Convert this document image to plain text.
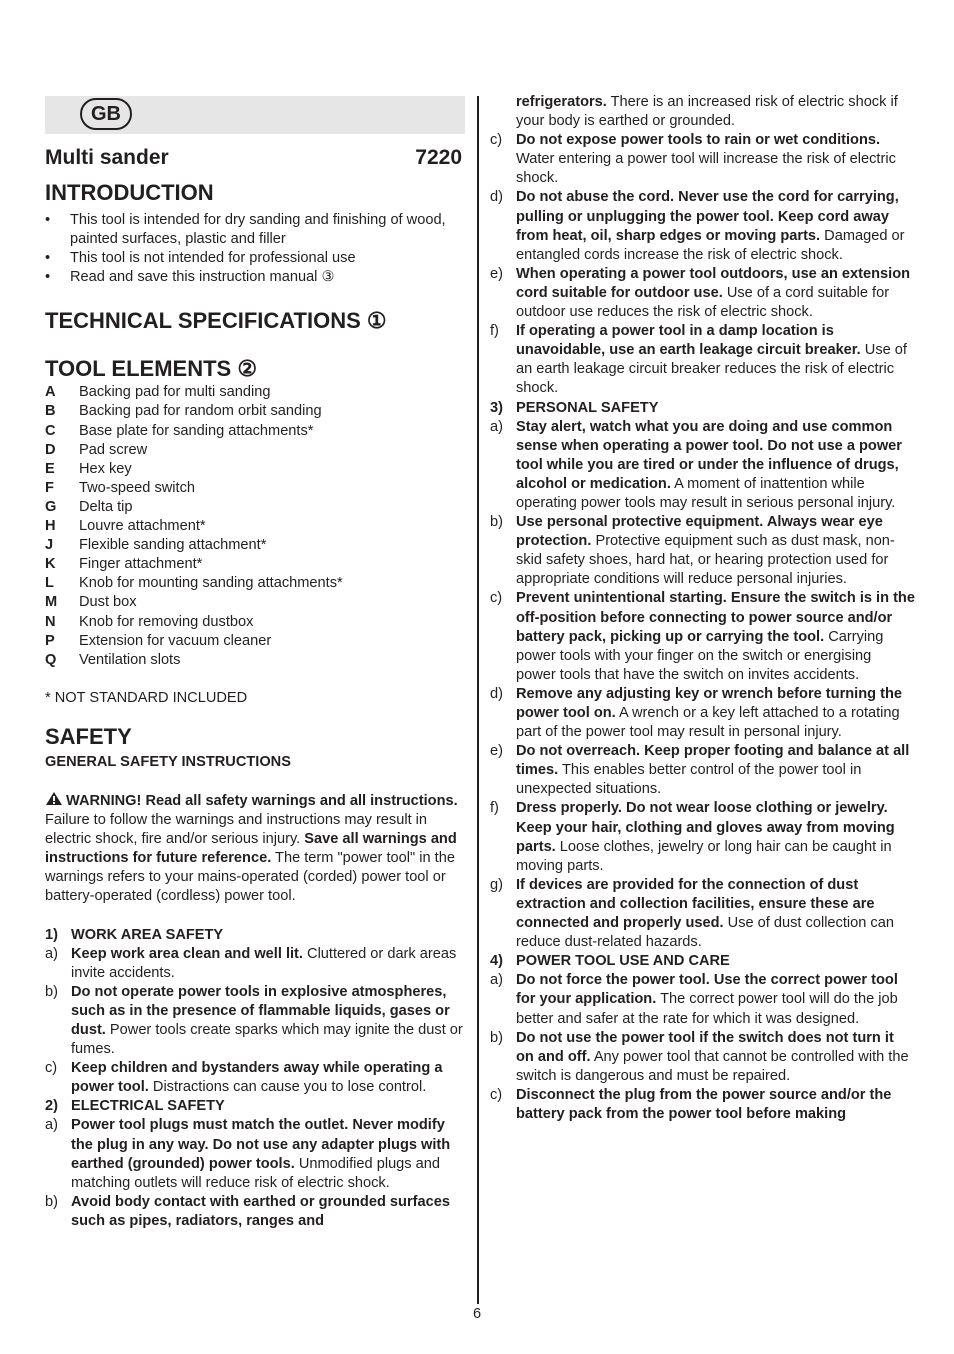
GB
Multi sander	7220
INTRODUCTION
• This tool is intended for dry sanding and finishing of wood, painted surfaces, plastic and filler
• This tool is not intended for professional use
• Read and save this instruction manual ③
TECHNICAL SPECIFICATIONS ①
TOOL ELEMENTS ②
A	Backing pad for multi sanding
B	Backing pad for random orbit sanding
C	Base plate for sanding attachments*
D	Pad screw
E	Hex key
F	Two-speed switch
G	Delta tip
H	Louvre attachment*
J	Flexible sanding attachment*
K	Finger attachment*
L	Knob for mounting sanding attachments*
M	Dust box
N	Knob for removing dustbox
P	Extension for vacuum cleaner
Q	Ventilation slots
* NOT STANDARD INCLUDED
SAFETY
GENERAL SAFETY INSTRUCTIONS
WARNING! Read all safety warnings and all instructions. Failure to follow the warnings and instructions may result in electric shock, fire and/or serious injury. Save all warnings and instructions for future reference. The term "power tool" in the warnings refers to your mains-operated (corded) power tool or battery-operated (cordless) power tool.
1) WORK AREA SAFETY
a) Keep work area clean and well lit. Cluttered or dark areas invite accidents.
b) Do not operate power tools in explosive atmospheres, such as in the presence of flammable liquids, gases or dust. Power tools create sparks which may ignite the dust or fumes.
c) Keep children and bystanders away while operating a power tool. Distractions can cause you to lose control.
2) ELECTRICAL SAFETY
a) Power tool plugs must match the outlet. Never modify the plug in any way. Do not use any adapter plugs with earthed (grounded) power tools. Unmodified plugs and matching outlets will reduce risk of electric shock.
b) Avoid body contact with earthed or grounded surfaces such as pipes, radiators, ranges and
refrigerators. There is an increased risk of electric shock if your body is earthed or grounded.
c) Do not expose power tools to rain or wet conditions. Water entering a power tool will increase the risk of electric shock.
d) Do not abuse the cord. Never use the cord for carrying, pulling or unplugging the power tool. Keep cord away from heat, oil, sharp edges or moving parts. Damaged or entangled cords increase the risk of electric shock.
e) When operating a power tool outdoors, use an extension cord suitable for outdoor use. Use of a cord suitable for outdoor use reduces the risk of electric shock.
f)	If operating a power tool in a damp location is unavoidable, use an earth leakage circuit breaker. Use of an earth leakage circuit breaker reduces the risk of electric shock.
3) PERSONAL SAFETY
a) Stay alert, watch what you are doing and use common sense when operating a power tool. Do not use a power tool while you are tired or under the influence of drugs, alcohol or medication. A moment of inattention while operating power tools may result in serious personal injury.
b) Use personal protective equipment. Always wear eye protection. Protective equipment such as dust mask, non-skid safety shoes, hard hat, or hearing protection used for appropriate conditions will reduce personal injuries.
c) Prevent unintentional starting. Ensure the switch is in the off-position before connecting to power source and/or battery pack, picking up or carrying the tool. Carrying power tools with your finger on the switch or energising power tools that have the switch on invites accidents.
d) Remove any adjusting key or wrench before turning the power tool on. A wrench or a key left attached to a rotating part of the power tool may result in personal injury.
e) Do not overreach. Keep proper footing and balance at all times. This enables better control of the power tool in unexpected situations.
f)	Dress properly. Do not wear loose clothing or jewelry. Keep your hair, clothing and gloves away from moving parts. Loose clothes, jewelry or long hair can be caught in moving parts.
g) If devices are provided for the connection of dust extraction and collection facilities, ensure these are connected and properly used. Use of dust collection can reduce dust-related hazards.
4) POWER TOOL USE AND CARE
a) Do not force the power tool. Use the correct power tool for your application. The correct power tool will do the job better and safer at the rate for which it was designed.
b) Do not use the power tool if the switch does not turn it on and off. Any power tool that cannot be controlled with the switch is dangerous and must be repaired.
c) Disconnect the plug from the power source and/or the battery pack from the power tool before making
6
